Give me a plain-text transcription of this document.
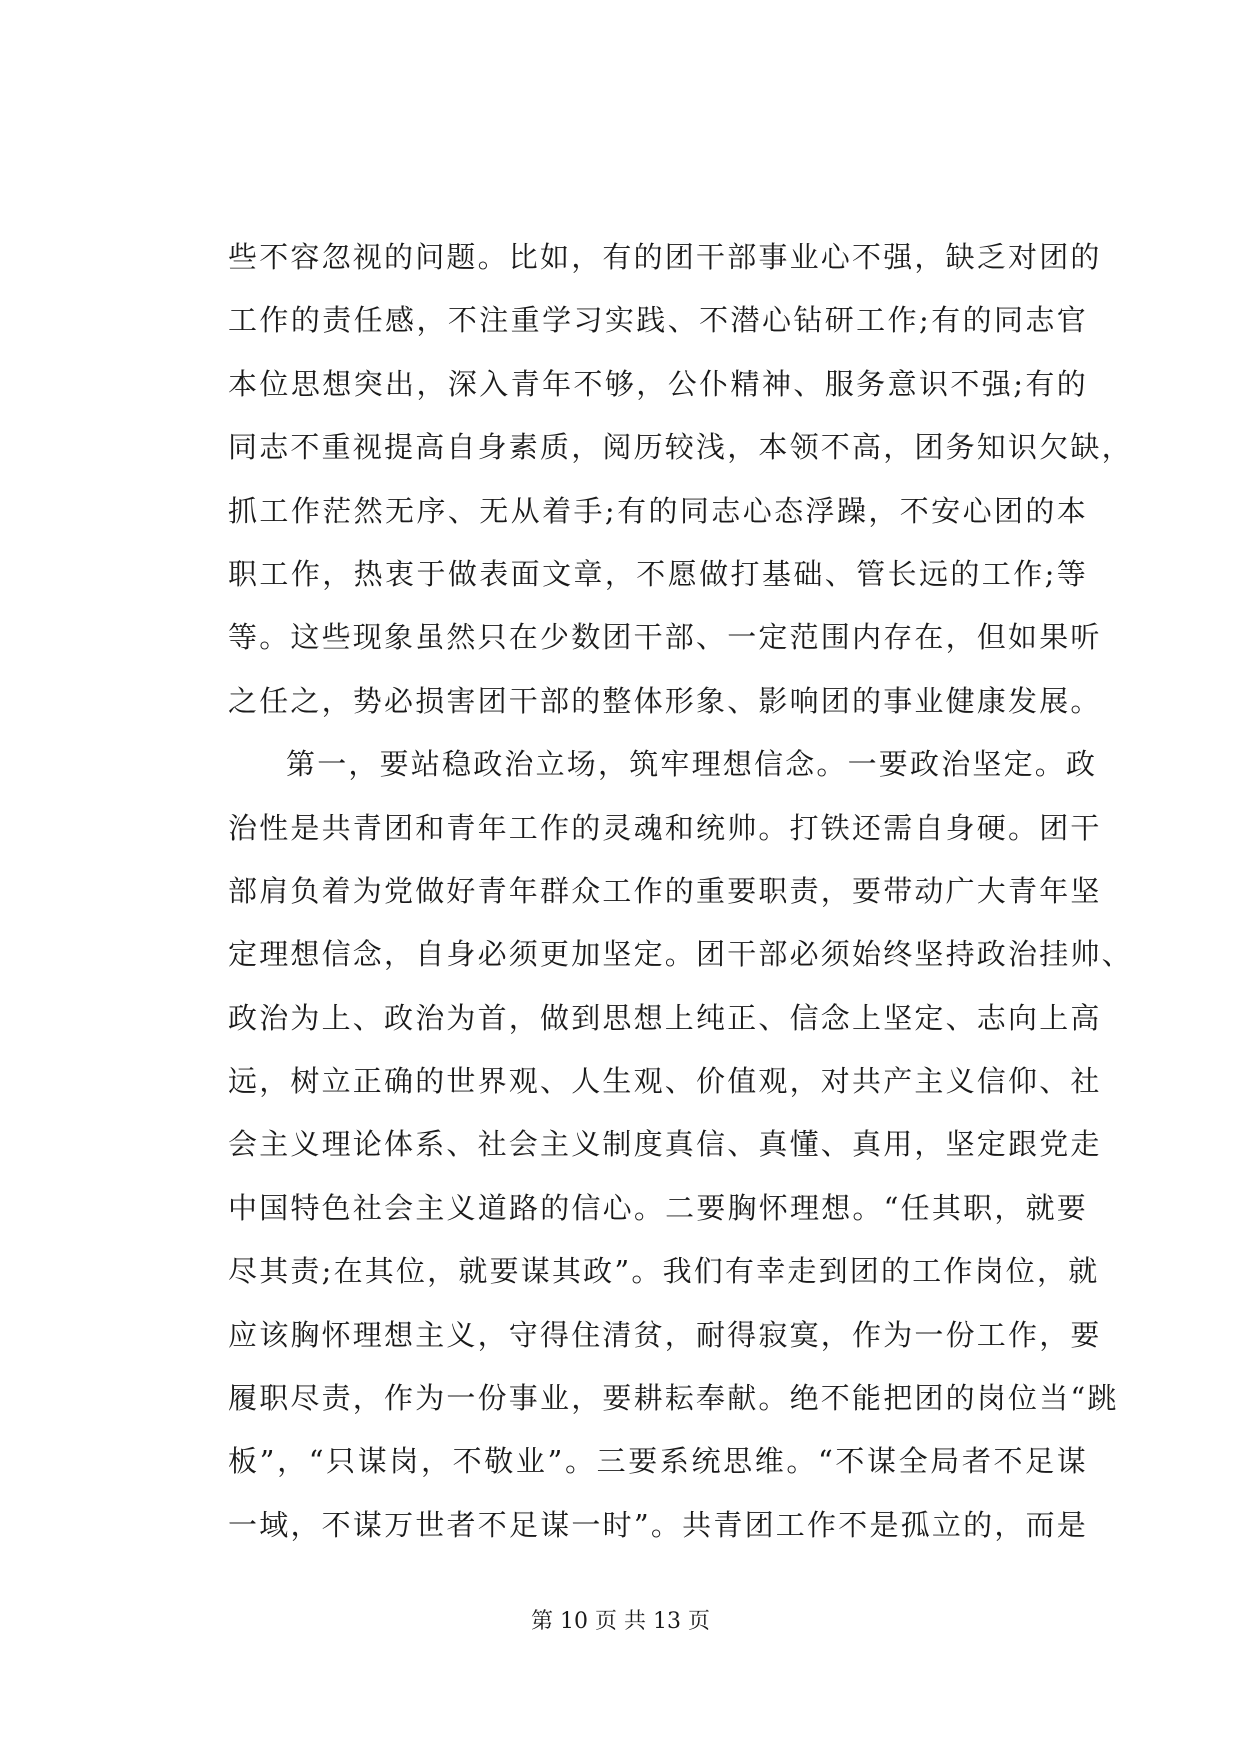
些不容忽视的问题。比如，有的团干部事业心不强，缺乏对团的
工作的责任感，不注重学习实践、不潜心钻研工作;有的同志官
本位思想突出，深入青年不够，公仆精神、服务意识不强;有的
同志不重视提高自身素质，阅历较浅，本领不高，团务知识欠缺，
抓工作茫然无序、无从着手;有的同志心态浮躁，不安心团的本
职工作，热衷于做表面文章，不愿做打基础、管长远的工作;等
等。这些现象虽然只在少数团干部、一定范围内存在，但如果听
之任之，势必损害团干部的整体形象、影响团的事业健康发展。
第一，要站稳政治立场，筑牢理想信念。一要政治坚定。政
治性是共青团和青年工作的灵魂和统帅。打铁还需自身硬。团干
部肩负着为党做好青年群众工作的重要职责，要带动广大青年坚
定理想信念，自身必须更加坚定。团干部必须始终坚持政治挂帅、
政治为上、政治为首，做到思想上纯正、信念上坚定、志向上高
远，树立正确的世界观、人生观、价值观，对共产主义信仰、社
会主义理论体系、社会主义制度真信、真懂、真用，坚定跟党走
中国特色社会主义道路的信心。二要胸怀理想。“任其职，就要
尽其责;在其位，就要谋其政”。我们有幸走到团的工作岗位，就
应该胸怀理想主义，守得住清贫，耐得寂寞，作为一份工作，要
履职尽责，作为一份事业，要耕耘奉献。绝不能把团的岗位当“跳
板”，“只谋岗，不敬业”。三要系统思维。“不谋全局者不足谋
一域，不谋万世者不足谋一时”。共青团工作不是孤立的，而是
第 10 页 共 13 页
